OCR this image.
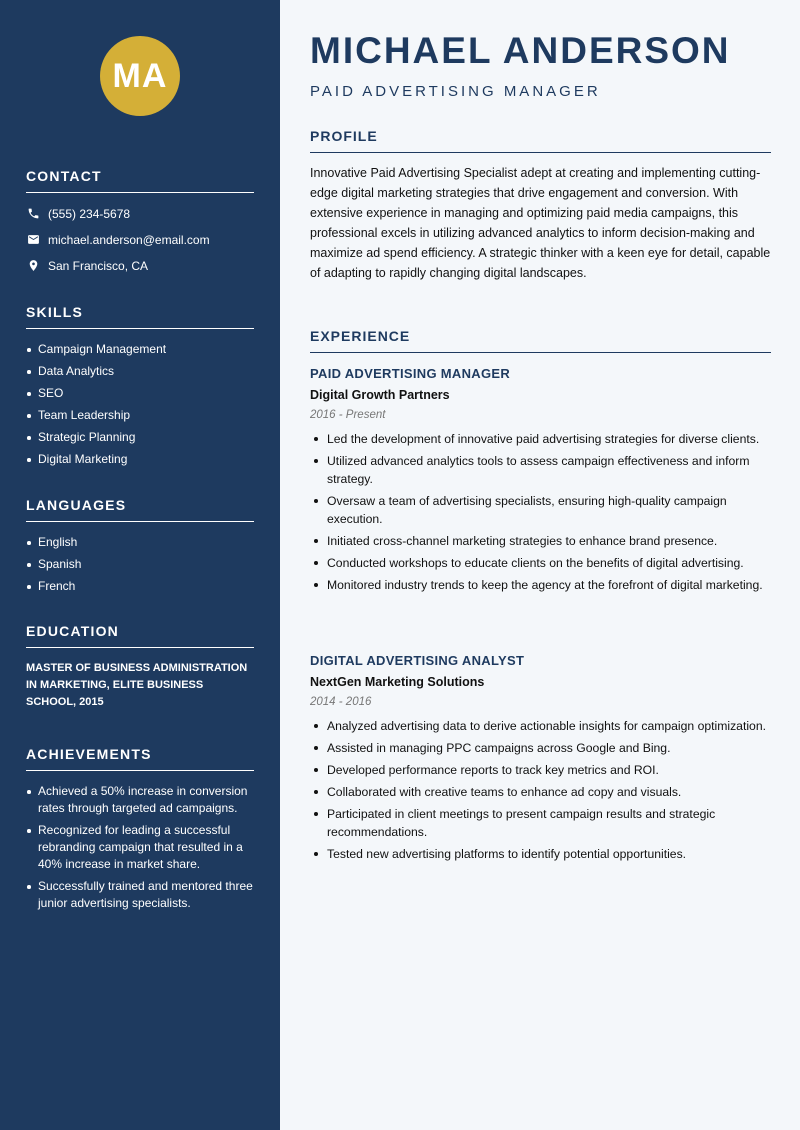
MA
CONTACT
(555) 234-5678
michael.anderson@email.com
San Francisco, CA
SKILLS
Campaign Management
Data Analytics
SEO
Team Leadership
Strategic Planning
Digital Marketing
LANGUAGES
English
Spanish
French
EDUCATION
MASTER OF BUSINESS ADMINISTRATION IN MARKETING, ELITE BUSINESS SCHOOL, 2015
ACHIEVEMENTS
Achieved a 50% increase in conversion rates through targeted ad campaigns.
Recognized for leading a successful rebranding campaign that resulted in a 40% increase in market share.
Successfully trained and mentored three junior advertising specialists.
MICHAEL ANDERSON
PAID ADVERTISING MANAGER
PROFILE

Innovative Paid Advertising Specialist adept at creating and implementing cutting-edge digital marketing strategies that drive engagement and conversion. With extensive experience in managing and optimizing paid media campaigns, this professional excels in utilizing advanced analytics to inform decision-making and maximize ad spend efficiency. A strategic thinker with a keen eye for detail, capable of adapting to rapidly changing digital landscapes.

EXPERIENCE
PAID ADVERTISING MANAGER
Digital Growth Partners
2016 - Present
Led the development of innovative paid advertising strategies for diverse clients.
Utilized advanced analytics tools to assess campaign effectiveness and inform strategy.
Oversaw a team of advertising specialists, ensuring high-quality campaign execution.
Initiated cross-channel marketing strategies to enhance brand presence.
Conducted workshops to educate clients on the benefits of digital advertising.
Monitored industry trends to keep the agency at the forefront of digital marketing.
DIGITAL ADVERTISING ANALYST
NextGen Marketing Solutions
2014 - 2016
Analyzed advertising data to derive actionable insights for campaign optimization.
Assisted in managing PPC campaigns across Google and Bing.
Developed performance reports to track key metrics and ROI.
Collaborated with creative teams to enhance ad copy and visuals.
Participated in client meetings to present campaign results and strategic recommendations.
Tested new advertising platforms to identify potential opportunities.
